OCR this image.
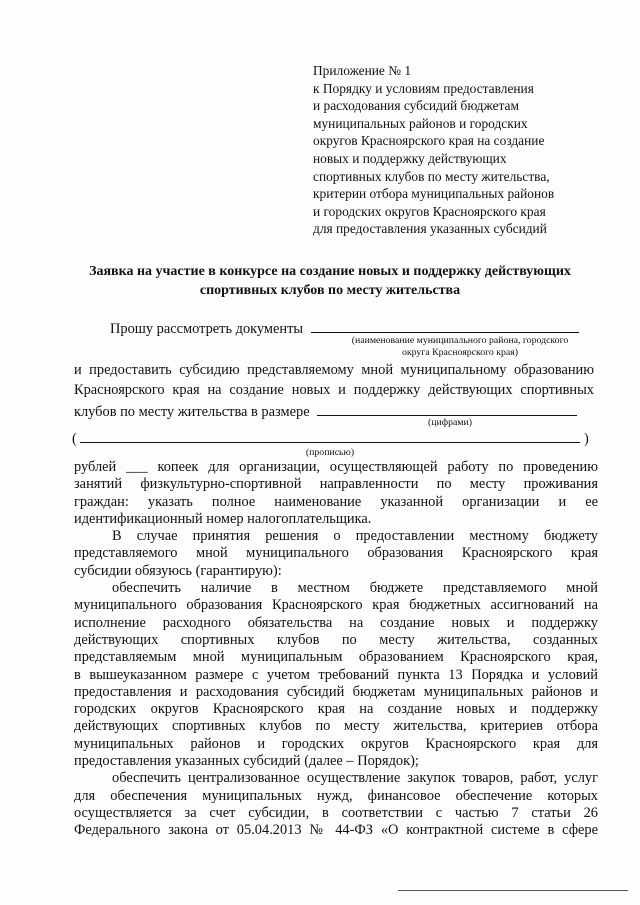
Приложение № 1
к Порядку и условиям предоставления
и расходования субсидий бюджетам
муниципальных районов и городских
округов Красноярского края на создание
новых и поддержку действующих
спортивных клубов по месту жительства,
критерии отбора муниципальных районов
и городских округов Красноярского края
для предоставления указанных субсидий
Заявка на участие в конкурсе на создание новых и поддержку действующих
спортивных клубов по месту жительства
Прошу рассмотреть документы
(наименование муниципального района, городского
округа Красноярского края)
и предоставить субсидию представляемому мной муниципальному образованию
Красноярского края на создание новых и поддержку действующих спортивных
клубов по месту жительства в размере
(цифрами)
(	)
(прописью)
рублей ___ копеек для организации, осуществляющей работу по проведению
занятий физкультурно-спортивной направленности по месту проживания
граждан: указать полное наименование указанной организации и ее
идентификационный номер налогоплательщика.
В случае принятия решения о предоставлении местному бюджету
представляемого мной муниципального образования Красноярского края
субсидии обязуюсь (гарантирую):
обеспечить наличие в местном бюджете представляемого мной
муниципального образования Красноярского края бюджетных ассигнований на
исполнение расходного обязательства на создание новых и поддержку
действующих спортивных клубов по месту жительства, созданных
представляемым мной муниципальным образованием Красноярского края,
в вышеуказанном размере с учетом требований пункта 13 Порядка и условий
предоставления и расходования субсидий бюджетам муниципальных районов и
городских округов Красноярского края на создание новых и поддержку
действующих спортивных клубов по месту жительства, критериев отбора
муниципальных районов и городских округов Красноярского края для
предоставления указанных субсидий (далее – Порядок);
обеспечить централизованное осуществление закупок товаров, работ, услуг
для обеспечения муниципальных нужд, финансовое обеспечение которых
осуществляется за счет субсидии, в соответствии с частью 7 статьи 26
Федерального закона от 05.04.2013 № 44-ФЗ «О контрактной системе в сфере
